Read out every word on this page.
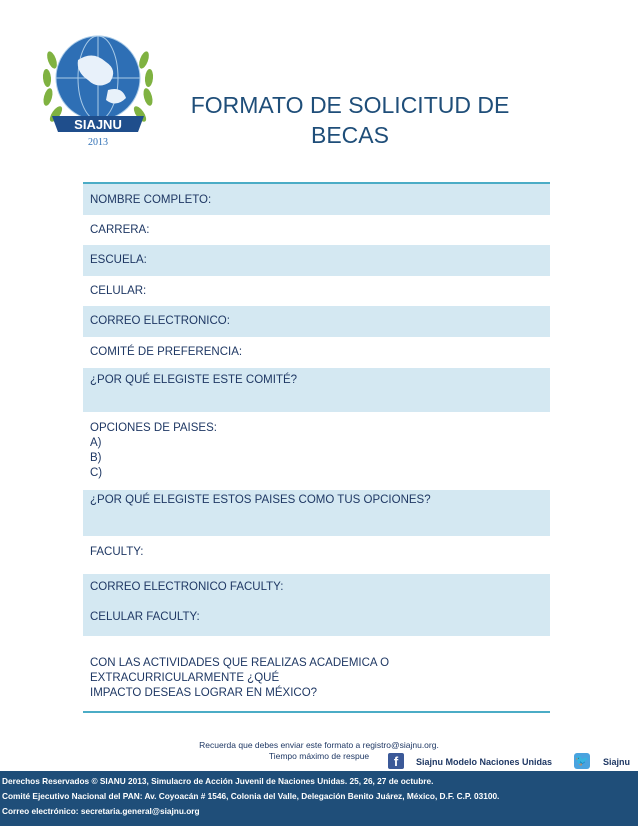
SIAJNU
2013
FORMATO DE SOLICITUD DE
BECAS
NOMBRE COMPLETO:
CARRERA:
ESCUELA:
CELULAR:
CORREO ELECTRONICO:
COMITÉ DE PREFERENCIA:
¿POR QUÉ ELEGISTE ESTE COMITÉ?
OPCIONES DE PAISES:
A)
B)
C)
¿POR QUÉ ELEGISTE ESTOS PAISES COMO TUS OPCIONES?
FACULTY:
CORREO ELECTRONICO FACULTY:
CELULAR FACULTY:
CON LAS ACTIVIDADES QUE REALIZAS ACADEMICA O EXTRACURRICULARMENTE ¿QUÉ
IMPACTO DESEAS LOGRAR EN MÉXICO?
Recuerda que debes enviar este formato a registro@siajnu.org.
Tiempo máximo de respue	f	Siajnu Modelo Naciones Unidas 🐦 Siajnu
Derechos Reservados © SIANU 2013, Simulacro de Acción Juvenil de Naciones Unidas. 25, 26, 27 de octubre.
Comité Ejecutivo Nacional del PAN: Av. Coyoacán # 1546, Colonia del Valle, Delegación Benito Juárez, México, D.F. C.P. 03100.
Correo electrónico: secretaria.general@siajnu.org
